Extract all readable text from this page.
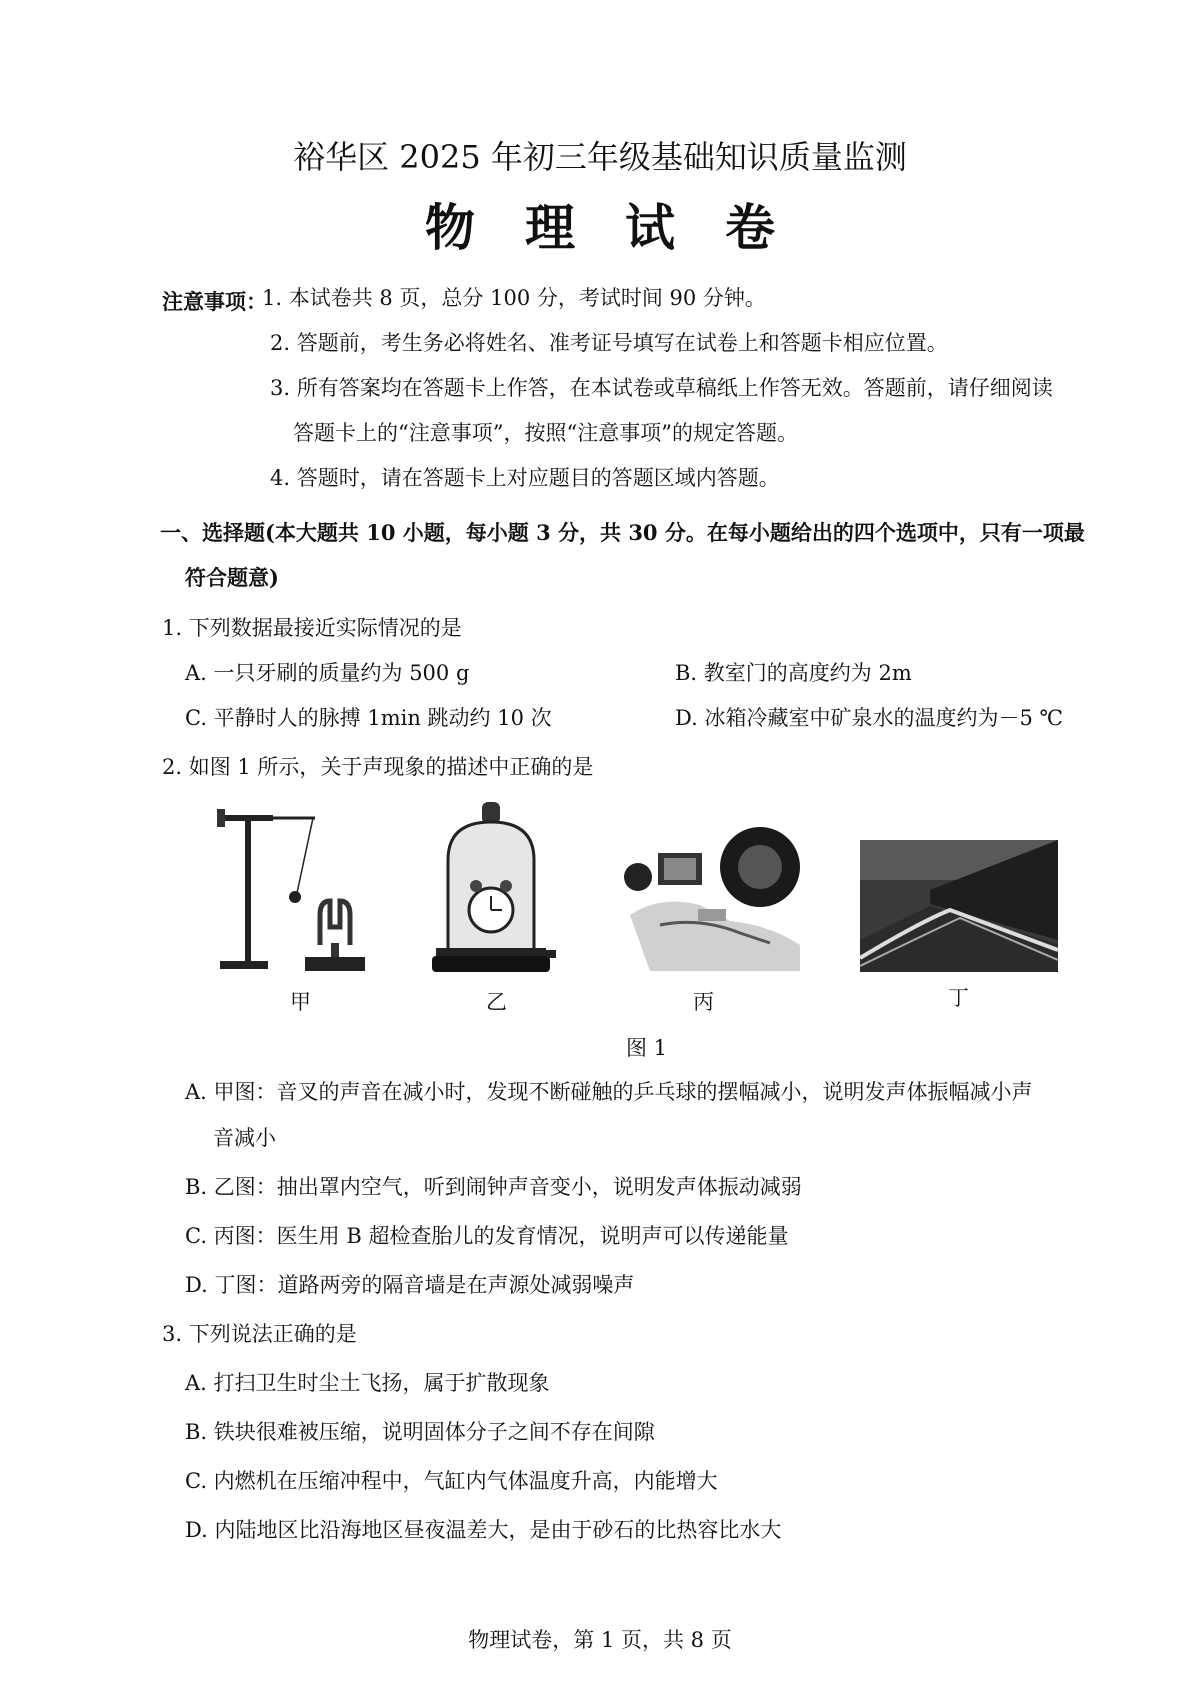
裕华区 2025 年初三年级基础知识质量监测
物　理　试　卷
注意事项：
1. 本试卷共 8 页，总分 100 分，考试时间 90 分钟。
2. 答题前，考生务必将姓名、准考证号填写在试卷上和答题卡相应位置。
3. 所有答案均在答题卡上作答，在本试卷或草稿纸上作答无效。答题前，请仔细阅读
答题卡上的“注意事项”，按照“注意事项”的规定答题。
4. 答题时，请在答题卡上对应题目的答题区域内答题。
一、选择题(本大题共 10 小题，每小题 3 分，共 30 分。在每小题给出的四个选项中，只有一项最
符合题意)
1. 下列数据最接近实际情况的是
A. 一只牙刷的质量约为 500 g	B. 教室门的高度约为 2m
C. 平静时人的脉搏 1min 跳动约 10 次	D. 冰箱冷藏室中矿泉水的温度约为－5 ℃
2. 如图 1 所示，关于声现象的描述中正确的是
甲	乙	丙	丁
图 1
A. 甲图：音叉的声音在减小时，发现不断碰触的乒乓球的摆幅减小，说明发声体振幅减小声
音减小
B. 乙图：抽出罩内空气，听到闹钟声音变小，说明发声体振动减弱
C. 丙图：医生用 B 超检查胎儿的发育情况，说明声可以传递能量
D. 丁图：道路两旁的隔音墙是在声源处减弱噪声
3. 下列说法正确的是
A. 打扫卫生时尘土飞扬，属于扩散现象
B. 铁块很难被压缩，说明固体分子之间不存在间隙
C. 内燃机在压缩冲程中，气缸内气体温度升高，内能增大
D. 内陆地区比沿海地区昼夜温差大，是由于砂石的比热容比水大
物理试卷，第 1 页，共 8 页
